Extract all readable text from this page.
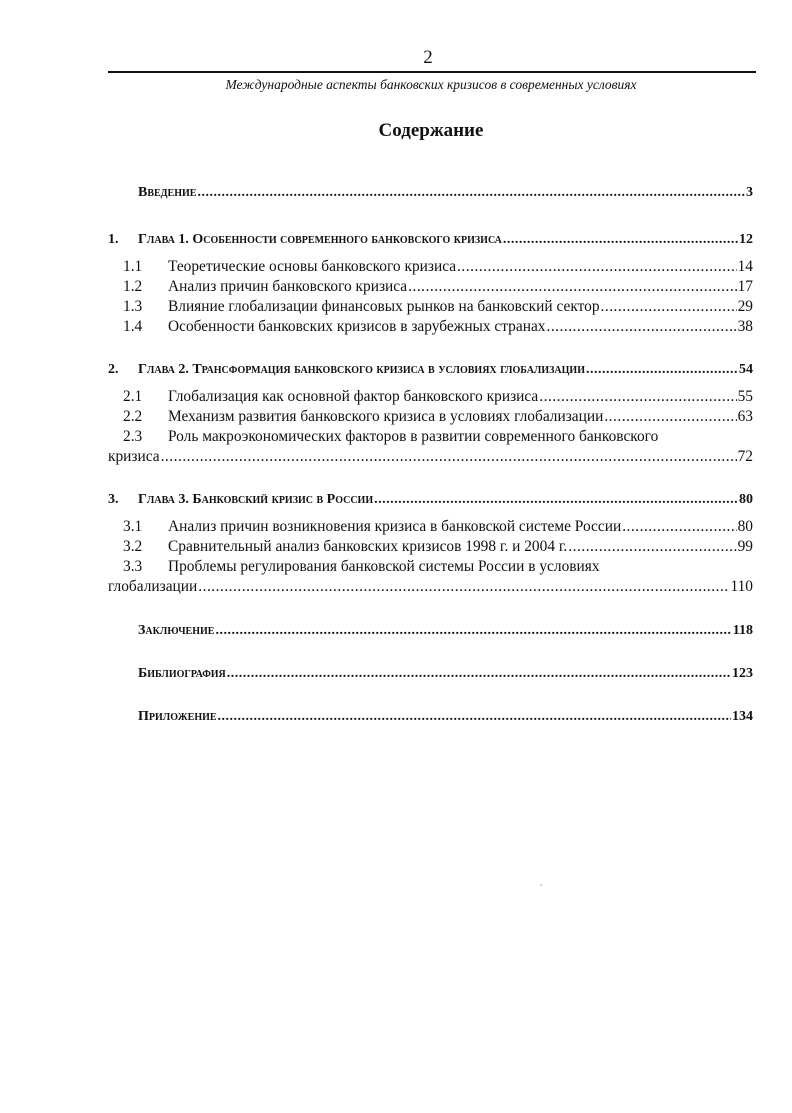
2
Международные аспекты банковских кризисов в современных условиях
Содержание
Введение .....	3
1.	Глава 1. Особенности современного банковского кризиса .....	12
1.1	Теоретические основы банковского кризиса .....	14
1.2	Анализ причин банковского кризиса .....	17
1.3	Влияние глобализации финансовых рынков на банковский сектор .....	29
1.4	Особенности банковских кризисов в зарубежных странах .....	38
2.	Глава 2. Трансформация банковского кризиса в условиях глобализации .....	54
2.1	Глобализация как основной фактор банковского кризиса .....	55
2.2	Механизм развития банковского кризиса в условиях глобализации .....	63
2.3	Роль макроэкономических факторов в развитии современного банковского
кризиса .....	72
3.	Глава 3. Банковский кризис в России .....	80
3.1	Анализ причин возникновения кризиса в банковской системе России .....	80
3.2	Сравнительный анализ банковских кризисов 1998 г. и 2004 г. .....	99
3.3	Проблемы регулирования банковской системы России в условиях
глобализации .....	110
Заключение .....	118
Библиография .....	123
Приложение .....	134
